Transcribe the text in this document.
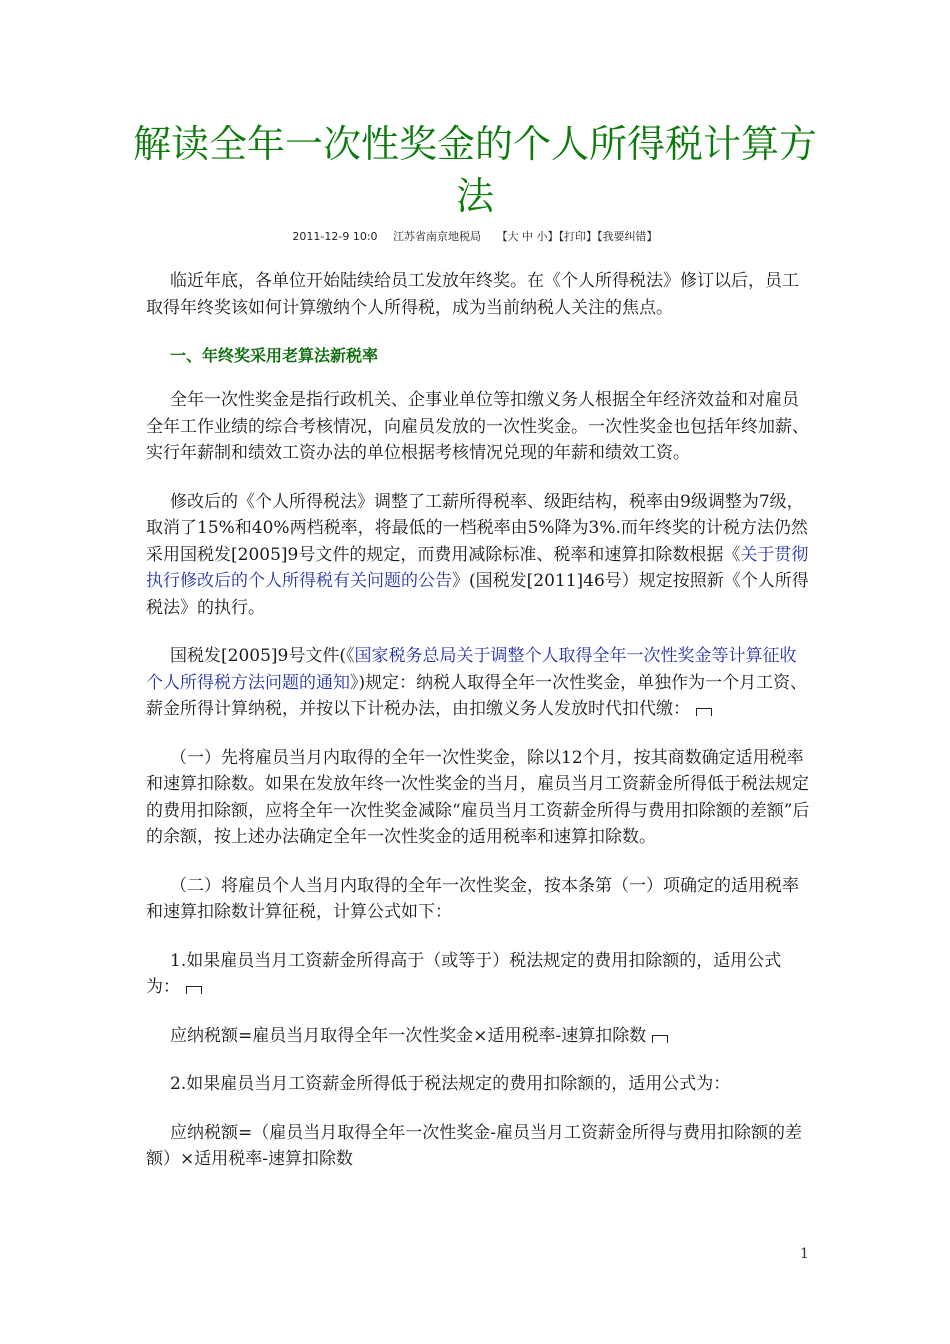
解读全年一次性奖金的个人所得税计算方法
2011-12-9 10:0 江苏省南京地税局 【大 中 小】【打印】【我要纠错】

临近年底，各单位开始陆续给员工发放年终奖。在《个人所得税法》修订以后，员工取得年终奖该如何计算缴纳个人所得税，成为当前纳税人关注的焦点。

一、年终奖采用老算法新税率

全年一次性奖金是指行政机关、企事业单位等扣缴义务人根据全年经济效益和对雇员全年工作业绩的综合考核情况，向雇员发放的一次性奖金。一次性奖金也包括年终加薪、实行年薪制和绩效工资办法的单位根据考核情况兑现的年薪和绩效工资。

修改后的《个人所得税法》调整了工薪所得税率、级距结构，税率由9级调整为7级，取消了15%和40%两档税率，将最低的一档税率由5%降为3%.而年终奖的计税方法仍然采用国税发[2005]9号文件的规定，而费用减除标准、税率和速算扣除数根据《关于贯彻执行修改后的个人所得税有关问题的公告》(国税发[2011]46号）规定按照新《个人所得税法》的执行。

国税发[2005]9号文件(《国家税务总局关于调整个人取得全年一次性奖金等计算征收个人所得税方法问题的通知》)规定：纳税人取得全年一次性奖金，单独作为一个月工资、薪金所得计算纳税，并按以下计税办法，由扣缴义务人发放时代扣代缴：

（一）先将雇员当月内取得的全年一次性奖金，除以12个月，按其商数确定适用税率和速算扣除数。如果在发放年终一次性奖金的当月，雇员当月工资薪金所得低于税法规定的费用扣除额，应将全年一次性奖金减除“雇员当月工资薪金所得与费用扣除额的差额”后的余额，按上述办法确定全年一次性奖金的适用税率和速算扣除数。

（二）将雇员个人当月内取得的全年一次性奖金，按本条第（一）项确定的适用税率和速算扣除数计算征税，计算公式如下：

1.如果雇员当月工资薪金所得高于（或等于）税法规定的费用扣除额的，适用公式为：

应纳税额=雇员当月取得全年一次性奖金×适用税率-速算扣除数

2.如果雇员当月工资薪金所得低于税法规定的费用扣除额的，适用公式为：

应纳税额=（雇员当月取得全年一次性奖金-雇员当月工资薪金所得与费用扣除额的差额）×适用税率-速算扣除数

1
